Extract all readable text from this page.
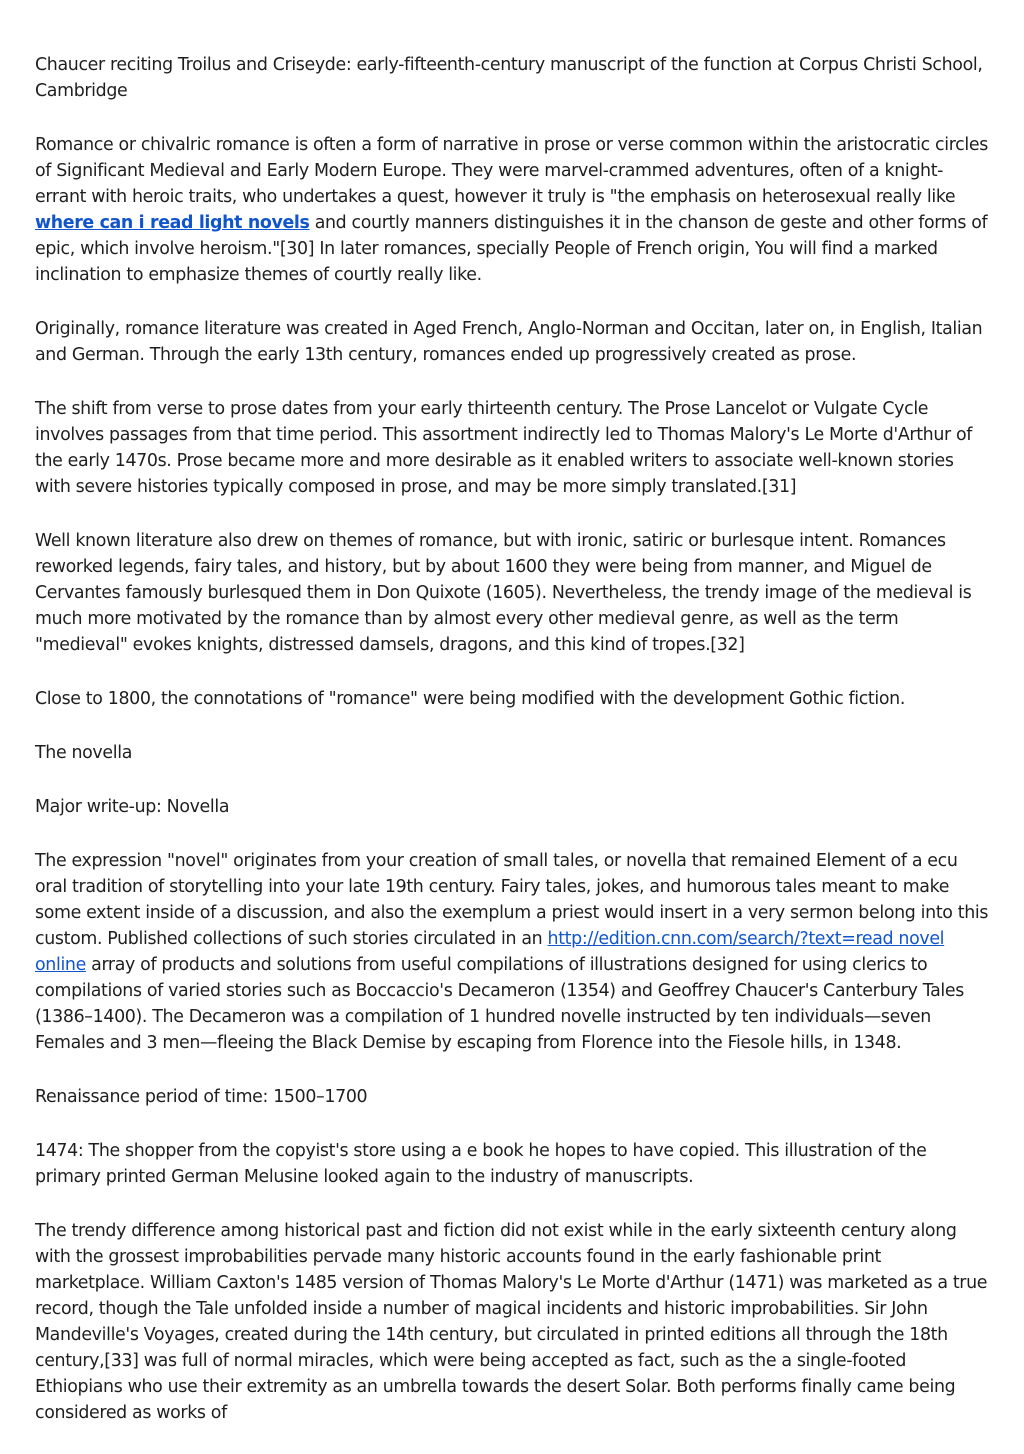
Chaucer reciting Troilus and Criseyde: early-fifteenth-century manuscript of the function at Corpus Christi School, Cambridge

Romance or chivalric romance is often a form of narrative in prose or verse common within the aristocratic circles of Significant Medieval and Early Modern Europe. They were marvel-crammed adventures, often of a knight-errant with heroic traits, who undertakes a quest, however it truly is "the emphasis on heterosexual really like where can i read light novels and courtly manners distinguishes it in the chanson de geste and other forms of epic, which involve heroism."[30] In later romances, specially People of French origin, You will find a marked inclination to emphasize themes of courtly really like.

Originally, romance literature was created in Aged French, Anglo-Norman and Occitan, later on, in English, Italian and German. Through the early 13th century, romances ended up progressively created as prose.

The shift from verse to prose dates from your early thirteenth century. The Prose Lancelot or Vulgate Cycle involves passages from that time period. This assortment indirectly led to Thomas Malory's Le Morte d'Arthur of the early 1470s. Prose became more and more desirable as it enabled writers to associate well-known stories with severe histories typically composed in prose, and may be more simply translated.[31]

Well known literature also drew on themes of romance, but with ironic, satiric or burlesque intent. Romances reworked legends, fairy tales, and history, but by about 1600 they were being from manner, and Miguel de Cervantes famously burlesqued them in Don Quixote (1605). Nevertheless, the trendy image of the medieval is much more motivated by the romance than by almost every other medieval genre, as well as the term "medieval" evokes knights, distressed damsels, dragons, and this kind of tropes.[32]

Close to 1800, the connotations of "romance" were being modified with the development Gothic fiction.

The novella

Major write-up: Novella

The expression "novel" originates from your creation of small tales, or novella that remained Element of a ecu oral tradition of storytelling into your late 19th century. Fairy tales, jokes, and humorous tales meant to make some extent inside of a discussion, and also the exemplum a priest would insert in a very sermon belong into this custom. Published collections of such stories circulated in an http://edition.cnn.com/search/?text=read novel online array of products and solutions from useful compilations of illustrations designed for using clerics to compilations of varied stories such as Boccaccio's Decameron (1354) and Geoffrey Chaucer's Canterbury Tales (1386–1400). The Decameron was a compilation of 1 hundred novelle instructed by ten individuals—seven Females and 3 men—fleeing the Black Demise by escaping from Florence into the Fiesole hills, in 1348.

Renaissance period of time: 1500–1700

1474: The shopper from the copyist's store using a e book he hopes to have copied. This illustration of the primary printed German Melusine looked again to the industry of manuscripts.

The trendy difference among historical past and fiction did not exist while in the early sixteenth century along with the grossest improbabilities pervade many historic accounts found in the early fashionable print marketplace. William Caxton's 1485 version of Thomas Malory's Le Morte d'Arthur (1471) was marketed as a true record, though the Tale unfolded inside a number of magical incidents and historic improbabilities. Sir John Mandeville's Voyages, created during the 14th century, but circulated in printed editions all through the 18th century,[33] was full of normal miracles, which were being accepted as fact, such as the a single-footed Ethiopians who use their extremity as an umbrella towards the desert Solar. Both performs finally came being considered as works of
